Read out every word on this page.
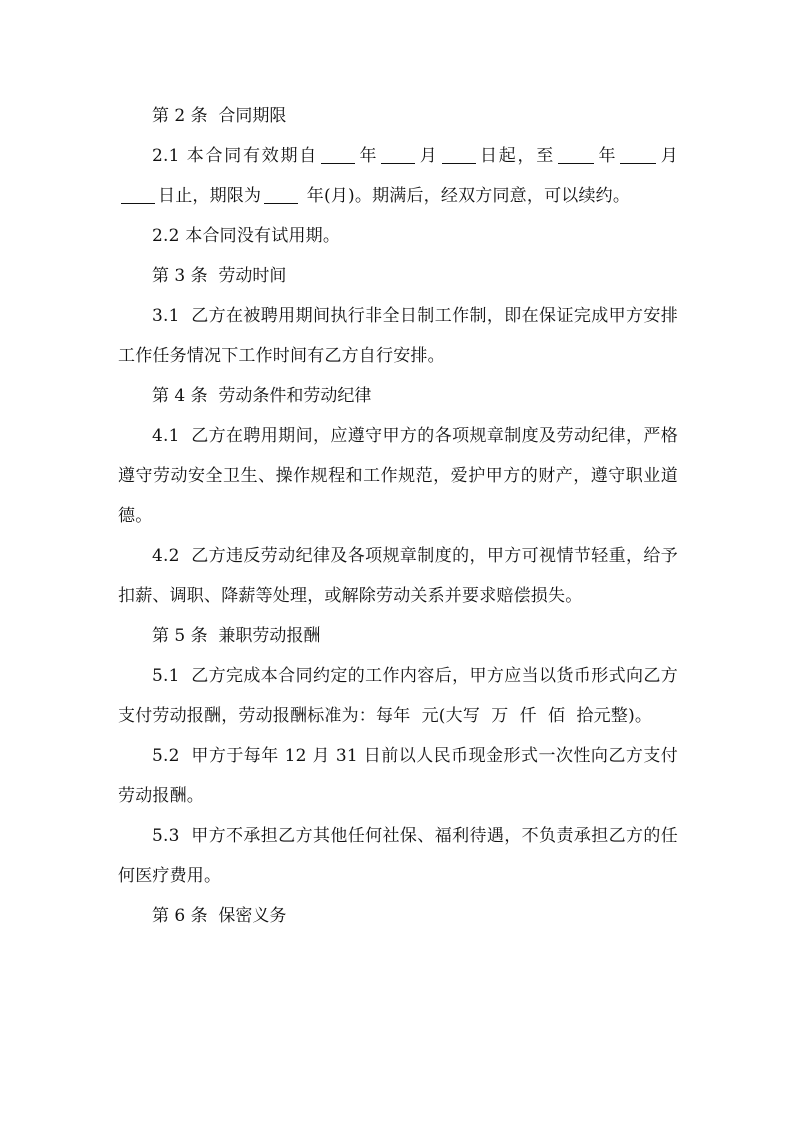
第 2 条  合同期限

2.1 本合同有效期自 年 月 日起，至 年 月日止，期限为 年(月)。期满后，经双方同意，可以续约。

2.2 本合同没有试用期。

第 3 条  劳动时间

3.1  乙方在被聘用期间执行非全日制工作制，即在保证完成甲方安排工作任务情况下工作时间有乙方自行安排。

第 4 条  劳动条件和劳动纪律

4.1  乙方在聘用期间，应遵守甲方的各项规章制度及劳动纪律，严格遵守劳动安全卫生、操作规程和工作规范，爱护甲方的财产，遵守职业道德。

4.2  乙方违反劳动纪律及各项规章制度的，甲方可视情节轻重，给予扣薪、调职、降薪等处理，或解除劳动关系并要求赔偿损失。

第 5 条  兼职劳动报酬

5.1  乙方完成本合同约定的工作内容后，甲方应当以货币形式向乙方支付劳动报酬，劳动报酬标准为：每年  元(大写  万  仟  佰  拾元整)。

5.2  甲方于每年 12 月 31 日前以人民币现金形式一次性向乙方支付劳动报酬。

5.3  甲方不承担乙方其他任何社保、福利待遇，不负责承担乙方的任何医疗费用。

第 6 条  保密义务
